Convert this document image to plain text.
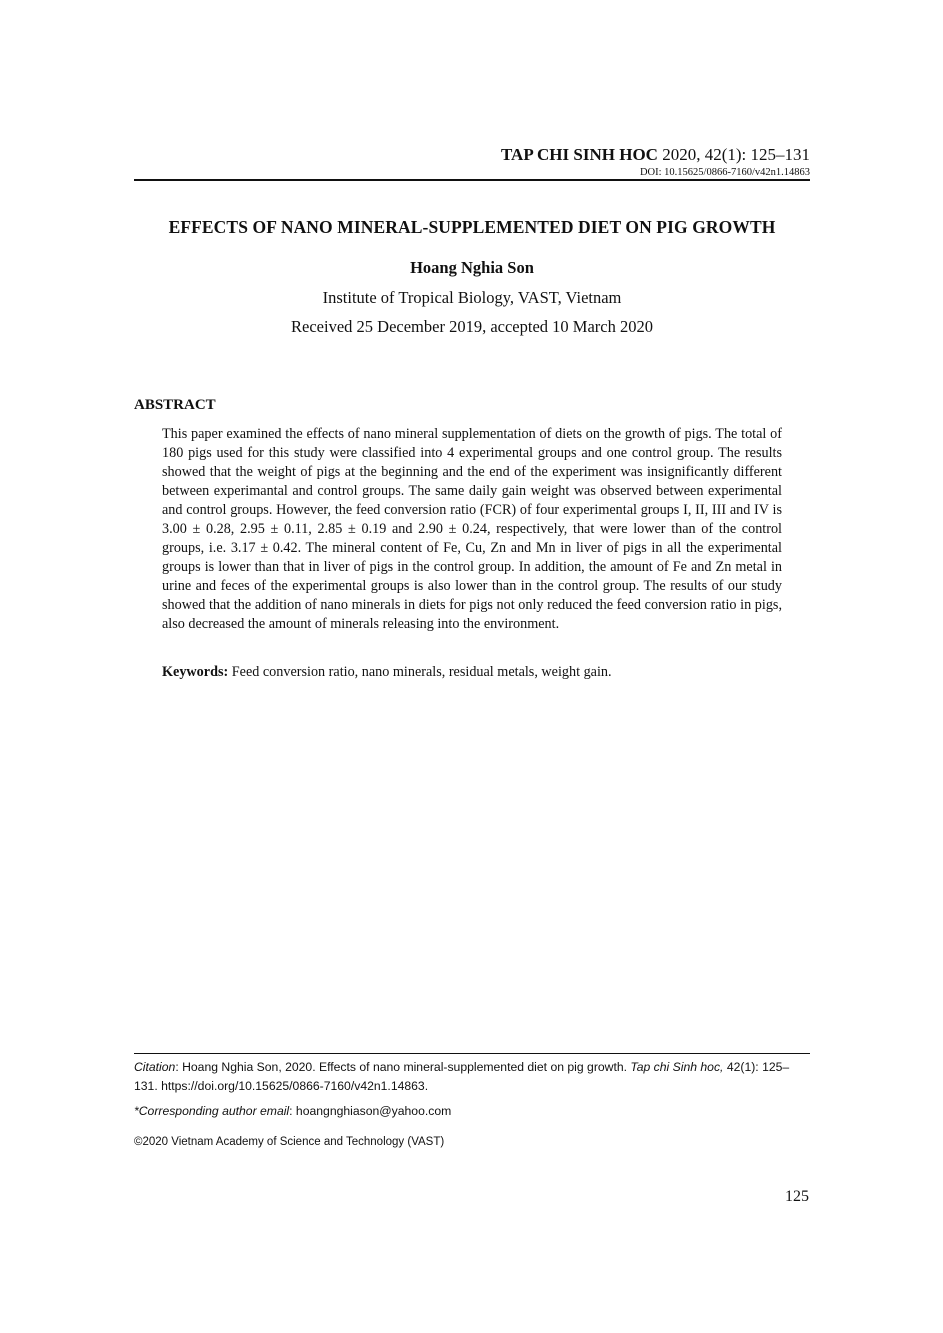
TAP CHI SINH HOC 2020, 42(1): 125–131
DOI: 10.15625/0866-7160/v42n1.14863
EFFECTS OF NANO MINERAL-SUPPLEMENTED DIET ON PIG GROWTH
Hoang Nghia Son
Institute of Tropical Biology, VAST, Vietnam
Received 25 December 2019, accepted 10 March 2020
ABSTRACT

This paper examined the effects of nano mineral supplementation of diets on the growth of pigs. The total of 180 pigs used for this study were classified into 4 experimental groups and one control group. The results showed that the weight of pigs at the beginning and the end of the experiment was insignificantly different between experimantal and control groups. The same daily gain weight was observed between experimental and control groups. However, the feed conversion ratio (FCR) of four experimental groups I, II, III and IV is 3.00 ± 0.28, 2.95 ± 0.11, 2.85 ± 0.19 and 2.90 ± 0.24, respectively, that were lower than of the control groups, i.e. 3.17 ± 0.42. The mineral content of Fe, Cu, Zn and Mn in liver of pigs in all the experimental groups is lower than that in liver of pigs in the control group. In addition, the amount of Fe and Zn metal in urine and feces of the experimental groups is also lower than in the control group. The results of our study showed that the addition of nano minerals in diets for pigs not only reduced the feed conversion ratio in pigs, also decreased the amount of minerals releasing into the environment.

Keywords: Feed conversion ratio, nano minerals, residual metals, weight gain.
Citation: Hoang Nghia Son, 2020. Effects of nano mineral-supplemented diet on pig growth. Tap chi Sinh hoc, 42(1): 125–131. https://doi.org/10.15625/0866-7160/v42n1.14863.
*Corresponding author email: hoangnghiason@yahoo.com
©2020 Vietnam Academy of Science and Technology (VAST)
125
